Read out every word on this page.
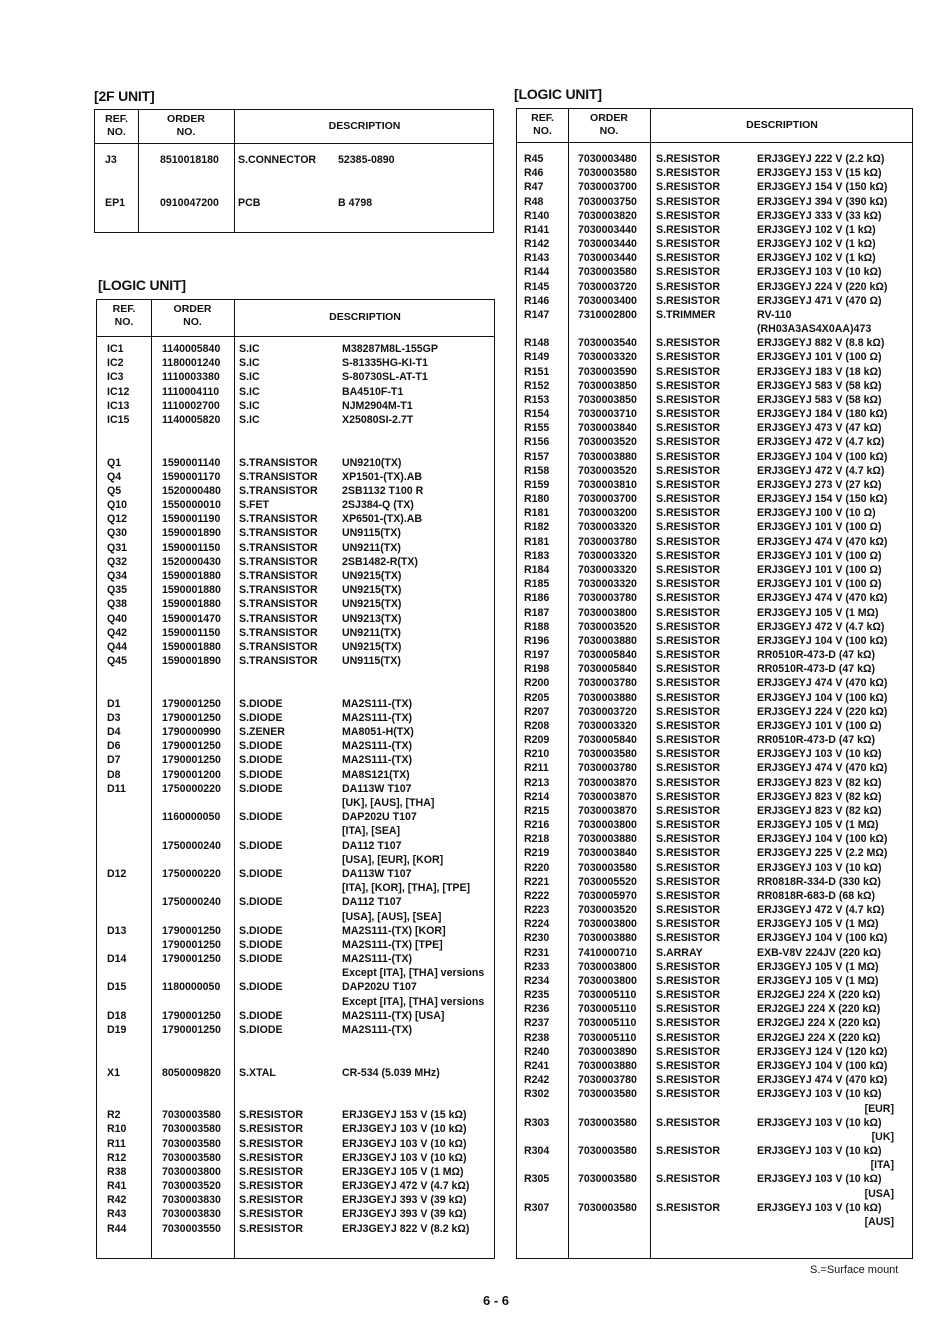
[2F UNIT]
[LOGIC UNIT]
[LOGIC UNIT]
REF.
NO.
ORDER
NO.	DESCRIPTION
J3	8510018180 S.CONNECTOR 52385-0890
EP1	0910047200 PCB	B 4798
REF.
NO.
ORDER
NO.	DESCRIPTION
IC1	1140005840 S.IC	M38287M8L-155GP
IC2	1180001240 S.IC	S-81335HG-KI-T1
IC3	1110003380 S.IC	S-80730SL-AT-T1
IC12	1110004110 S.IC	BA4510F-T1
IC13	1110002700 S.IC	NJM2904M-T1
IC15	1140005820 S.IC	X25080SI-2.7T
Q1	1590001140 S.TRANSISTOR UN9210(TX)
Q4	1590001170 S.TRANSISTOR XP1501-(TX).AB
Q5	1520000480 S.TRANSISTOR 2SB1132 T100 R
Q10	1550000010 S.FET	2SJ384-Q (TX)
Q12	1590001190 S.TRANSISTOR XP6501-(TX).AB
Q30	1590001890 S.TRANSISTOR UN9115(TX)
Q31	1590001150 S.TRANSISTOR UN9211(TX)
Q32	1520000430 S.TRANSISTOR 2SB1482-R(TX)
Q34	1590001880 S.TRANSISTOR UN9215(TX)
Q35	1590001880 S.TRANSISTOR UN9215(TX)
Q38	1590001880 S.TRANSISTOR UN9215(TX)
Q40	1590001470 S.TRANSISTOR UN9213(TX)
Q42	1590001150 S.TRANSISTOR UN9211(TX)
Q44	1590001880 S.TRANSISTOR UN9215(TX)
Q45	1590001890 S.TRANSISTOR UN9115(TX)
D1	1790001250 S.DIODE	MA2S111-(TX)
D3	1790001250 S.DIODE	MA2S111-(TX)
D4	1790000990 S.ZENER	MA8051-H(TX)
D6	1790001250 S.DIODE	MA2S111-(TX)
D7	1790001250 S.DIODE	MA2S111-(TX)
D8	1790001200 S.DIODE	MA8S121(TX)
D11	1750000220 S.DIODE	DA113W T107
[UK], [AUS], [THA]
1160000050 S.DIODE	DAP202U T107
[ITA], [SEA]
1750000240 S.DIODE	DA112 T107
[USA], [EUR], [KOR]
D12	1750000220 S.DIODE	DA113W T107
[ITA], [KOR], [THA], [TPE]
1750000240 S.DIODE	DA112 T107
[USA], [AUS], [SEA]
D13	1790001250 S.DIODE	MA2S111-(TX) [KOR]
1790001250 S.DIODE	MA2S111-(TX) [TPE]
D14	1790001250 S.DIODE	MA2S111-(TX)
Except [ITA], [THA] versions
D15	1180000050 S.DIODE	DAP202U T107
Except [ITA], [THA] versions
D18	1790001250 S.DIODE	MA2S111-(TX) [USA]
D19	1790001250 S.DIODE	MA2S111-(TX)
X1	8050009820 S.XTAL	CR-534 (5.039 MHz)
R2	7030003580 S.RESISTOR	ERJ3GEYJ 153 V (15 kΩ)
R10	7030003580 S.RESISTOR	ERJ3GEYJ 103 V (10 kΩ)
R11	7030003580 S.RESISTOR	ERJ3GEYJ 103 V (10 kΩ)
R12	7030003580 S.RESISTOR	ERJ3GEYJ 103 V (10 kΩ)
R38	7030003800 S.RESISTOR	ERJ3GEYJ 105 V (1 MΩ)
R41	7030003520 S.RESISTOR	ERJ3GEYJ 472 V (4.7 kΩ)
R42	7030003830 S.RESISTOR	ERJ3GEYJ 393 V (39 kΩ)
R43	7030003830 S.RESISTOR	ERJ3GEYJ 393 V (39 kΩ)
R44	7030003550 S.RESISTOR	ERJ3GEYJ 822 V (8.2 kΩ)
REF.
NO.
ORDER
NO.	DESCRIPTION
R45	7030003480 S.RESISTOR	ERJ3GEYJ 222 V (2.2 kΩ)
R46	7030003580 S.RESISTOR	ERJ3GEYJ 153 V (15 kΩ)
R47	7030003700 S.RESISTOR	ERJ3GEYJ 154 V (150 kΩ)
R48	7030003750 S.RESISTOR	ERJ3GEYJ 394 V (390 kΩ)
R140	7030003820 S.RESISTOR	ERJ3GEYJ 333 V (33 kΩ)
R141	7030003440 S.RESISTOR	ERJ3GEYJ 102 V (1 kΩ)
R142	7030003440 S.RESISTOR	ERJ3GEYJ 102 V (1 kΩ)
R143	7030003440 S.RESISTOR	ERJ3GEYJ 102 V (1 kΩ)
R144	7030003580 S.RESISTOR	ERJ3GEYJ 103 V (10 kΩ)
R145	7030003720 S.RESISTOR	ERJ3GEYJ 224 V (220 kΩ)
R146	7030003400 S.RESISTOR	ERJ3GEYJ 471 V (470 Ω)
R147	7310002800 S.TRIMMER	RV-110
(RH03A3AS4X0AA)473
R148	7030003540 S.RESISTOR	ERJ3GEYJ 882 V (8.8 kΩ)
R149	7030003320 S.RESISTOR	ERJ3GEYJ 101 V (100 Ω)
R151	7030003590 S.RESISTOR	ERJ3GEYJ 183 V (18 kΩ)
R152	7030003850 S.RESISTOR	ERJ3GEYJ 583 V (58 kΩ)
R153	7030003850 S.RESISTOR	ERJ3GEYJ 583 V (58 kΩ)
R154	7030003710 S.RESISTOR	ERJ3GEYJ 184 V (180 kΩ)
R155	7030003840 S.RESISTOR	ERJ3GEYJ 473 V (47 kΩ)
R156	7030003520 S.RESISTOR	ERJ3GEYJ 472 V (4.7 kΩ)
R157	7030003880 S.RESISTOR	ERJ3GEYJ 104 V (100 kΩ)
R158	7030003520 S.RESISTOR	ERJ3GEYJ 472 V (4.7 kΩ)
R159	7030003810 S.RESISTOR	ERJ3GEYJ 273 V (27 kΩ)
R180	7030003700 S.RESISTOR	ERJ3GEYJ 154 V (150 kΩ)
R181	7030003200 S.RESISTOR	ERJ3GEYJ 100 V (10 Ω)
R182	7030003320 S.RESISTOR	ERJ3GEYJ 101 V (100 Ω)
R181	7030003780 S.RESISTOR	ERJ3GEYJ 474 V (470 kΩ)
R183	7030003320 S.RESISTOR	ERJ3GEYJ 101 V (100 Ω)
R184	7030003320 S.RESISTOR	ERJ3GEYJ 101 V (100 Ω)
R185	7030003320 S.RESISTOR	ERJ3GEYJ 101 V (100 Ω)
R186	7030003780 S.RESISTOR	ERJ3GEYJ 474 V (470 kΩ)
R187	7030003800 S.RESISTOR	ERJ3GEYJ 105 V (1 MΩ)
R188	7030003520 S.RESISTOR	ERJ3GEYJ 472 V (4.7 kΩ)
R196	7030003880 S.RESISTOR	ERJ3GEYJ 104 V (100 kΩ)
R197	7030005840 S.RESISTOR	RR0510R-473-D (47 kΩ)
R198	7030005840 S.RESISTOR	RR0510R-473-D (47 kΩ)
R200	7030003780 S.RESISTOR	ERJ3GEYJ 474 V (470 kΩ)
R205	7030003880 S.RESISTOR	ERJ3GEYJ 104 V (100 kΩ)
R207	7030003720 S.RESISTOR	ERJ3GEYJ 224 V (220 kΩ)
R208	7030003320 S.RESISTOR	ERJ3GEYJ 101 V (100 Ω)
R209	7030005840 S.RESISTOR	RR0510R-473-D (47 kΩ)
R210	7030003580 S.RESISTOR	ERJ3GEYJ 103 V (10 kΩ)
R211	7030003780 S.RESISTOR	ERJ3GEYJ 474 V (470 kΩ)
R213	7030003870 S.RESISTOR	ERJ3GEYJ 823 V (82 kΩ)
R214	7030003870 S.RESISTOR	ERJ3GEYJ 823 V (82 kΩ)
R215	7030003870 S.RESISTOR	ERJ3GEYJ 823 V (82 kΩ)
R216	7030003800 S.RESISTOR	ERJ3GEYJ 105 V (1 MΩ)
R218	7030003880 S.RESISTOR	ERJ3GEYJ 104 V (100 kΩ)
R219	7030003840 S.RESISTOR	ERJ3GEYJ 225 V (2.2 MΩ)
R220	7030003580 S.RESISTOR	ERJ3GEYJ 103 V (10 kΩ)
R221	7030005520 S.RESISTOR	RR0818R-334-D (330 kΩ)
R222	7030005970 S.RESISTOR	RR0818R-683-D (68 kΩ)
R223	7030003520 S.RESISTOR	ERJ3GEYJ 472 V (4.7 kΩ)
R224	7030003800 S.RESISTOR	ERJ3GEYJ 105 V (1 MΩ)
R230	7030003880 S.RESISTOR	ERJ3GEYJ 104 V (100 kΩ)
R231	7410000710 S.ARRAY	EXB-V8V 224JV (220 kΩ)
R233	7030003800 S.RESISTOR	ERJ3GEYJ 105 V (1 MΩ)
R234	7030003800 S.RESISTOR	ERJ3GEYJ 105 V (1 MΩ)
R235	7030005110 S.RESISTOR	ERJ2GEJ 224 X (220 kΩ)
R236	7030005110 S.RESISTOR	ERJ2GEJ 224 X (220 kΩ)
R237	7030005110 S.RESISTOR	ERJ2GEJ 224 X (220 kΩ)
R238	7030005110 S.RESISTOR	ERJ2GEJ 224 X (220 kΩ)
R240	7030003890 S.RESISTOR	ERJ3GEYJ 124 V (120 kΩ)
R241	7030003880 S.RESISTOR	ERJ3GEYJ 104 V (100 kΩ)
R242	7030003780 S.RESISTOR	ERJ3GEYJ 474 V (470 kΩ)
R302	7030003580 S.RESISTOR	ERJ3GEYJ 103 V (10 kΩ)
[EUR]
R303	7030003580 S.RESISTOR	ERJ3GEYJ 103 V (10 kΩ)
[UK]
R304	7030003580 S.RESISTOR	ERJ3GEYJ 103 V (10 kΩ)
[ITA]
R305	7030003580 S.RESISTOR	ERJ3GEYJ 103 V (10 kΩ)
[USA]
R307	7030003580 S.RESISTOR	ERJ3GEYJ 103 V (10 kΩ)
[AUS]
S.=Surface mount
6 - 6
